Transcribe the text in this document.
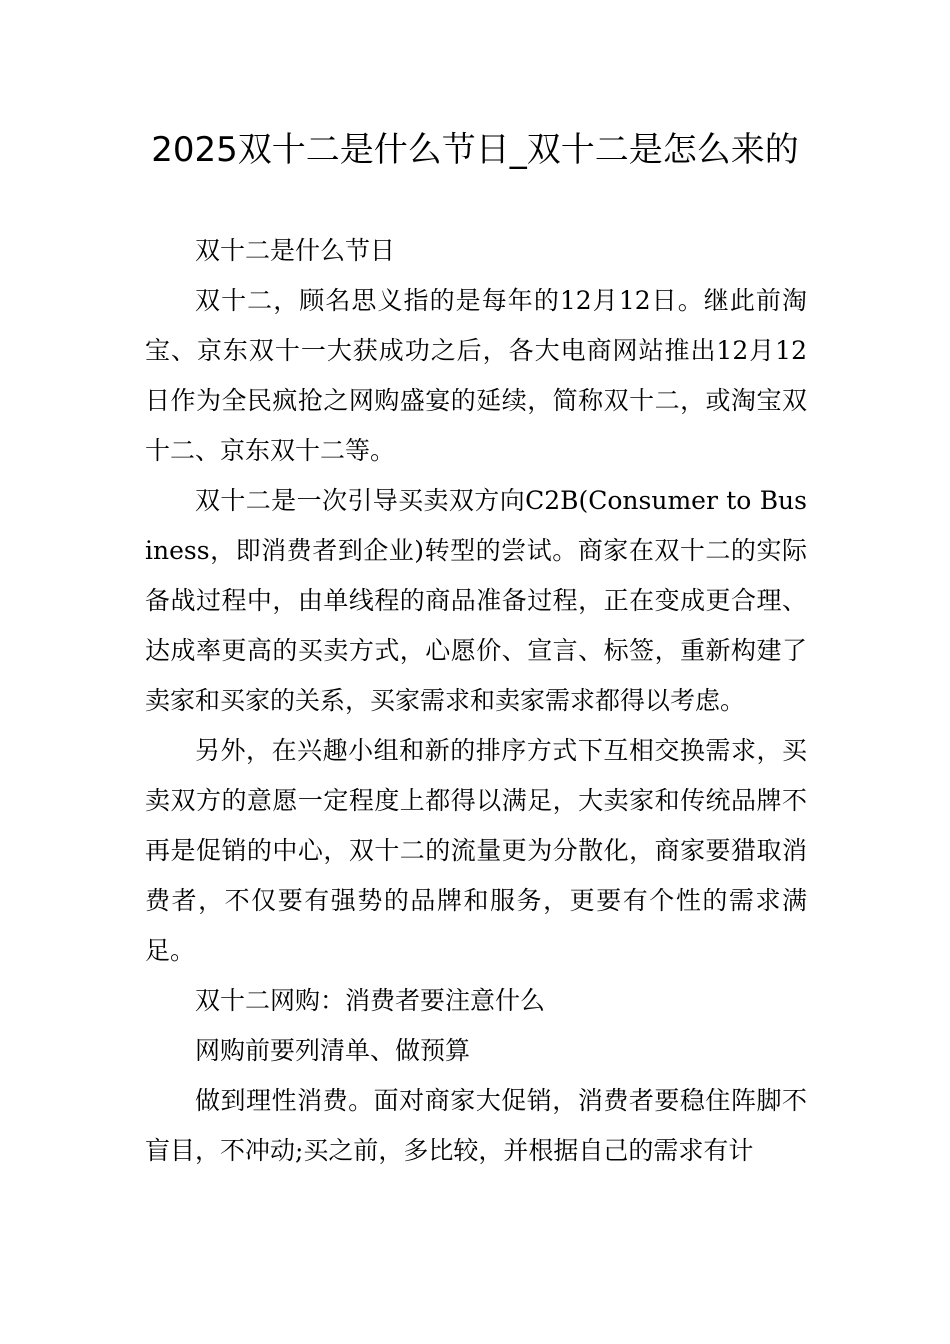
2025双十二是什么节日_双十二是怎么来的

双十二是什么节日

双十二，顾名思义指的是每年的12月12日。继此前淘宝、京东双十一大获成功之后，各大电商网站推出12月12日作为全民疯抢之网购盛宴的延续，简称双十二，或淘宝双十二、京东双十二等。

双十二是一次引导买卖双方向C2B(Consumer to Business，即消费者到企业)转型的尝试。商家在双十二的实际备战过程中，由单线程的商品准备过程，正在变成更合理、达成率更高的买卖方式，心愿价、宣言、标签，重新构建了卖家和买家的关系，买家需求和卖家需求都得以考虑。

另外，在兴趣小组和新的排序方式下互相交换需求，买卖双方的意愿一定程度上都得以满足，大卖家和传统品牌不再是促销的中心，双十二的流量更为分散化，商家要猎取消费者，不仅要有强势的品牌和服务，更要有个性的需求满足。

双十二网购：消费者要注意什么

网购前要列清单、做预算

做到理性消费。面对商家大促销，消费者要稳住阵脚不盲目，不冲动;买之前，多比较，并根据自己的需求有计
